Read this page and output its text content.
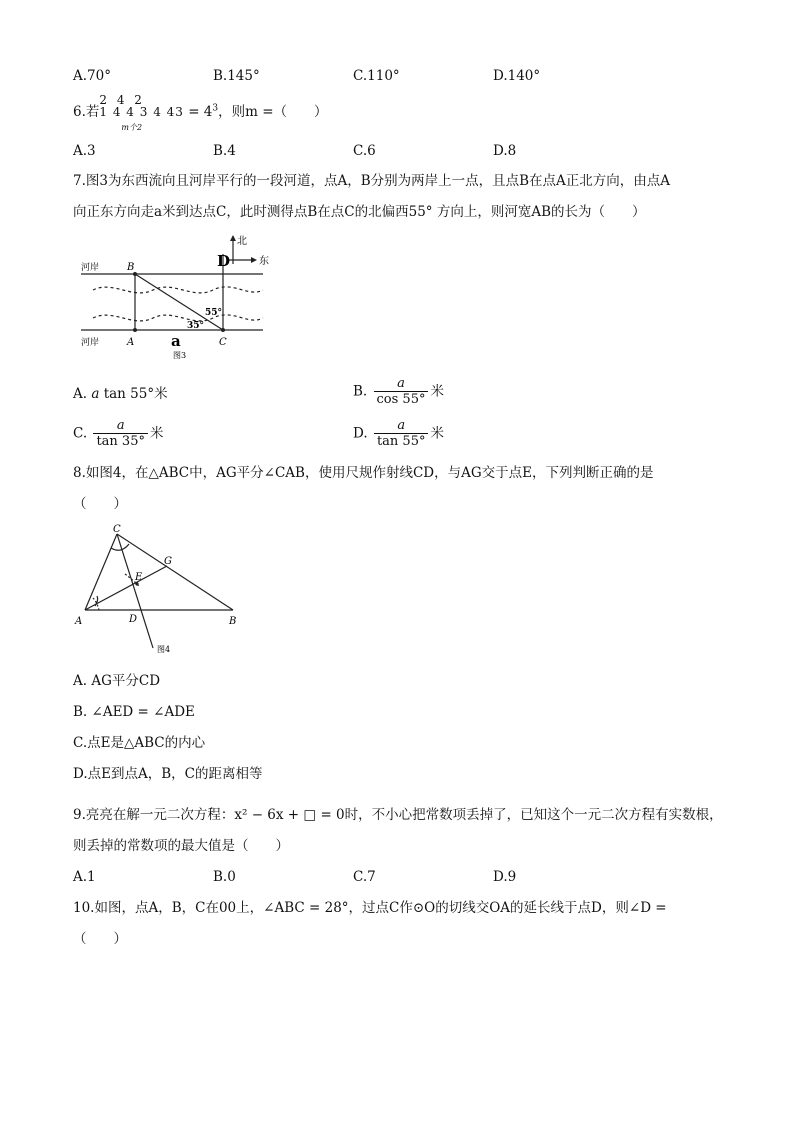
A.70°	B.145°	C.110°	D.140°
6.若
2 4 2
1 4 4 3 4 43
m个2
= $4^3$，则m =（　　）
A.3	B.4	C.6	D.8
7.图3为东西流向且河岸平行的一段河道，点A，B分别为两岸上一点，且点B在点A正北方向，由点A
向正东方向走a米到达点C，此时测得点B在点C的北偏西55° 方向上，则河宽AB的长为（　　）
北
东
河岸
河岸
B
A	C
D
55°
35°
a
图3
A. a tan 55°米	B. $\frac{a}{\cos 55^\circ}$ 米
C. $\frac{a}{\tan 35^\circ}$ 米	D. $\frac{a}{\tan 55^\circ}$ 米
8.如图4，在△ABC中，AG平分∠CAB，使用尺规作射线CD，与AG交于点E，下列判断正确的是
（　　）
C
G
E
A	D	B
图4
A. AG平分CD
B. ∠AED = ∠ADE
C.点E是△ABC的内心
D.点E到点A，B，C的距离相等
9.亮亮在解一元二次方程：x² − 6x + □ = 0时，不小心把常数项丢掉了，已知这个一元二次方程有实数根，
则丢掉的常数项的最大值是（　　）
A.1	B.0	C.7	D.9
10.如图，点A，B，C在00上，∠ABC = 28°，过点C作⊙O的切线交OA的延长线于点D，则∠D =
（　　）
